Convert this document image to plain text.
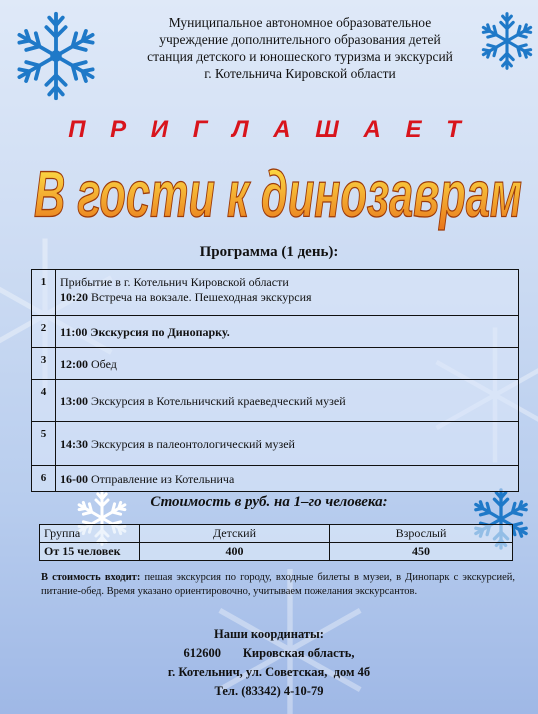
Муниципальное автономное образовательное
учреждение дополнительного образования детей
станция детского и юношеского туризма и экскурсий
г. Котельнича Кировской области
П Р И Г Л А Ш А Е Т
В гости к динозаврам
Программа (1 день):
1	Прибытие в г. Котельнич Кировской области
10:20 Встреча на вокзале. Пешеходная экскурсия

2	11:00 Экскурсия по Динопарку.
3	12:00 Обед
4	13:00 Экскурсия в Котельничский краеведческий музей
5	14:30 Экскурсия в палеонтологический музей
6	16-00 Отправление из Котельнича
Стоимость в руб. на 1–го человека:
Группа	Детский	Взрослый
От 15 человек	400	450
В стоимость входит: пешая экскурсия по городу, входные билеты в музеи, в Динопарк с экскурсией, питание-обед. Время указано ориентировочно, учитываем пожелания экскурсантов.
Наши координаты:
612600       Кировская область,
г. Котельнич, ул. Советская,  дом 4б
Тел. (83342) 4-10-79
